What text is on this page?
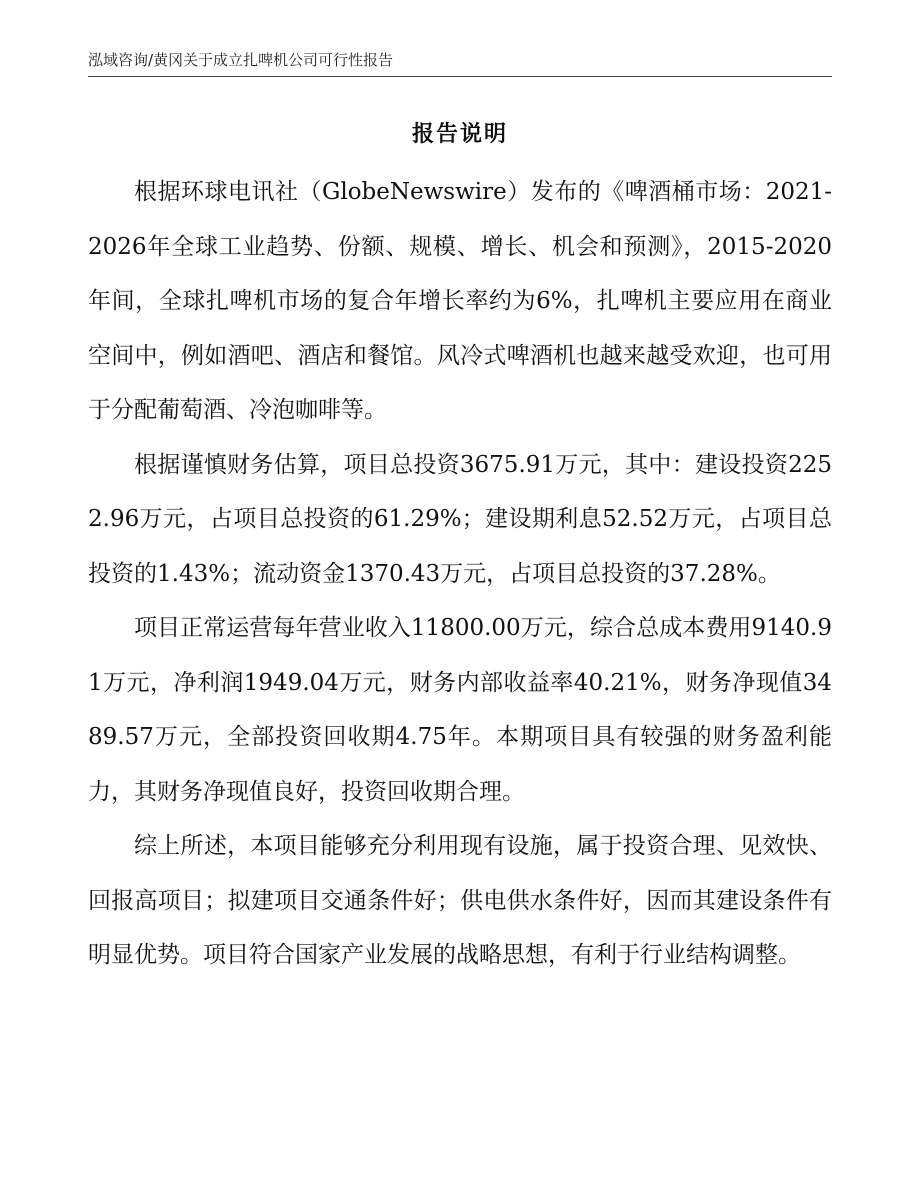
泓域咨询/黄冈关于成立扎啤机公司可行性报告
报告说明

根据环球电讯社（GlobeNewswire）发布的《啤酒桶市场：2021-2026年全球工业趋势、份额、规模、增长、机会和预测》，2015-2020年间，全球扎啤机市场的复合年增长率约为6%，扎啤机主要应用在商业空间中，例如酒吧、酒店和餐馆。风冷式啤酒机也越来越受欢迎，也可用于分配葡萄酒、冷泡咖啡等。

根据谨慎财务估算，项目总投资3675.91万元，其中：建设投资2252.96万元，占项目总投资的61.29%；建设期利息52.52万元，占项目总投资的1.43%；流动资金1370.43万元，占项目总投资的37.28%。

项目正常运营每年营业收入11800.00万元，综合总成本费用9140.91万元，净利润1949.04万元，财务内部收益率40.21%，财务净现值3489.57万元，全部投资回收期4.75年。本期项目具有较强的财务盈利能力，其财务净现值良好，投资回收期合理。

综上所述，本项目能够充分利用现有设施，属于投资合理、见效快、回报高项目；拟建项目交通条件好；供电供水条件好，因而其建设条件有明显优势。项目符合国家产业发展的战略思想，有利于行业结构调整。
